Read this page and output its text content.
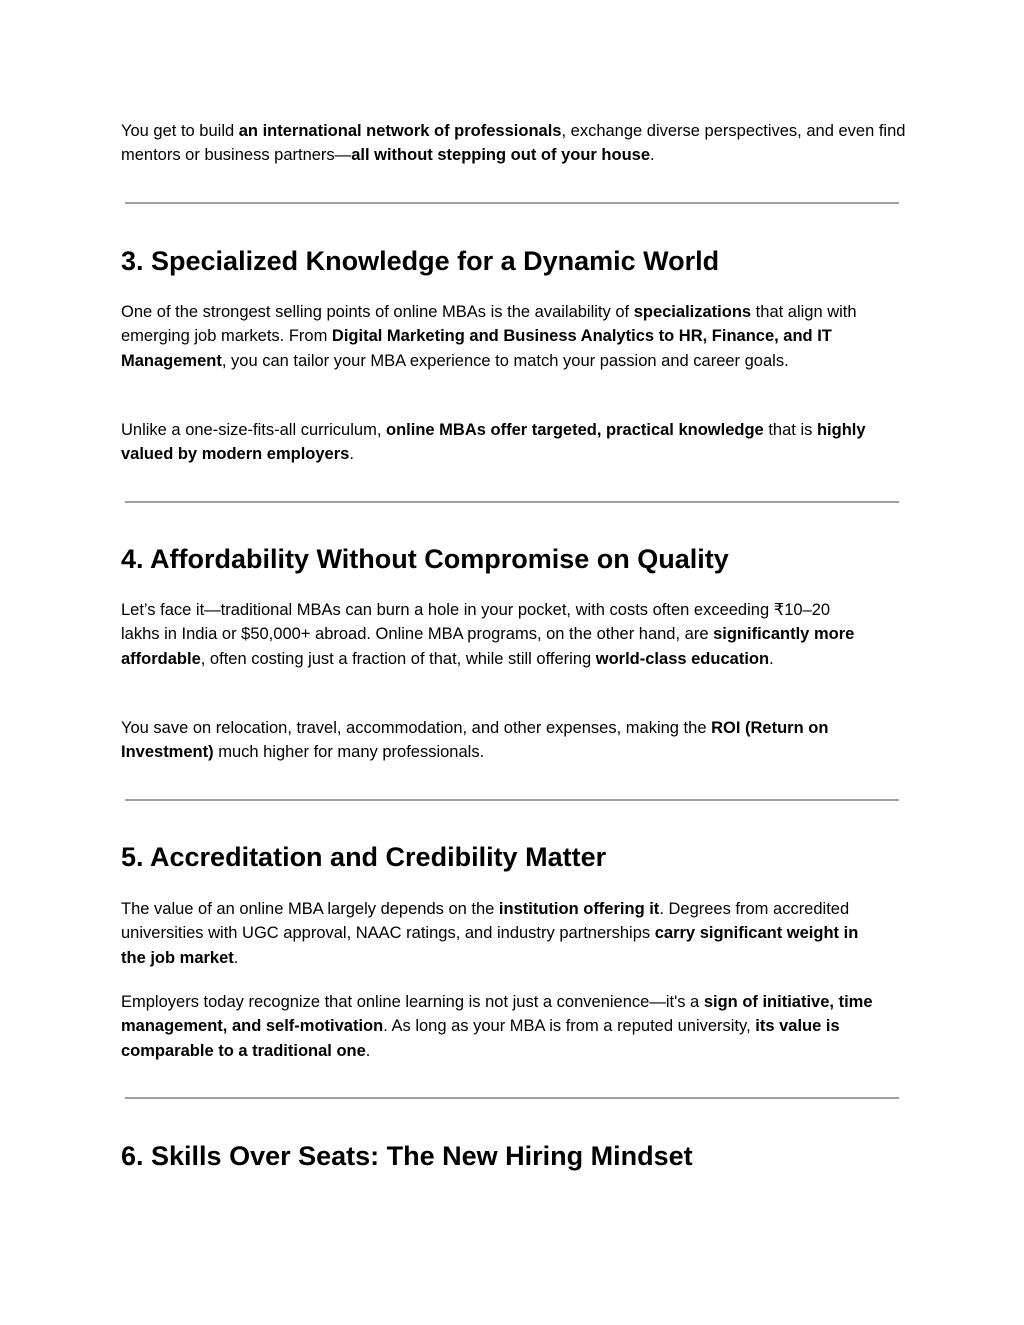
You get to build an international network of professionals, exchange diverse perspectives, and even find mentors or business partners—all without stepping out of your house.

3. Specialized Knowledge for a Dynamic World

One of the strongest selling points of online MBAs is the availability of specializations that align with emerging job markets. From Digital Marketing and Business Analytics to HR, Finance, and IT Management, you can tailor your MBA experience to match your passion and career goals.

Unlike a one-size-fits-all curriculum, online MBAs offer targeted, practical knowledge that is highly valued by modern employers.

4. Affordability Without Compromise on Quality

Let’s face it—traditional MBAs can burn a hole in your pocket, with costs often exceeding ₹10–20 lakhs in India or $50,000+ abroad. Online MBA programs, on the other hand, are significantly more affordable, often costing just a fraction of that, while still offering world-class education.

You save on relocation, travel, accommodation, and other expenses, making the ROI (Return on Investment) much higher for many professionals.

5. Accreditation and Credibility Matter

The value of an online MBA largely depends on the institution offering it. Degrees from accredited universities with UGC approval, NAAC ratings, and industry partnerships carry significant weight in the job market.

Employers today recognize that online learning is not just a convenience—it's a sign of initiative, time management, and self-motivation. As long as your MBA is from a reputed university, its value is comparable to a traditional one.

6. Skills Over Seats: The New Hiring Mindset
